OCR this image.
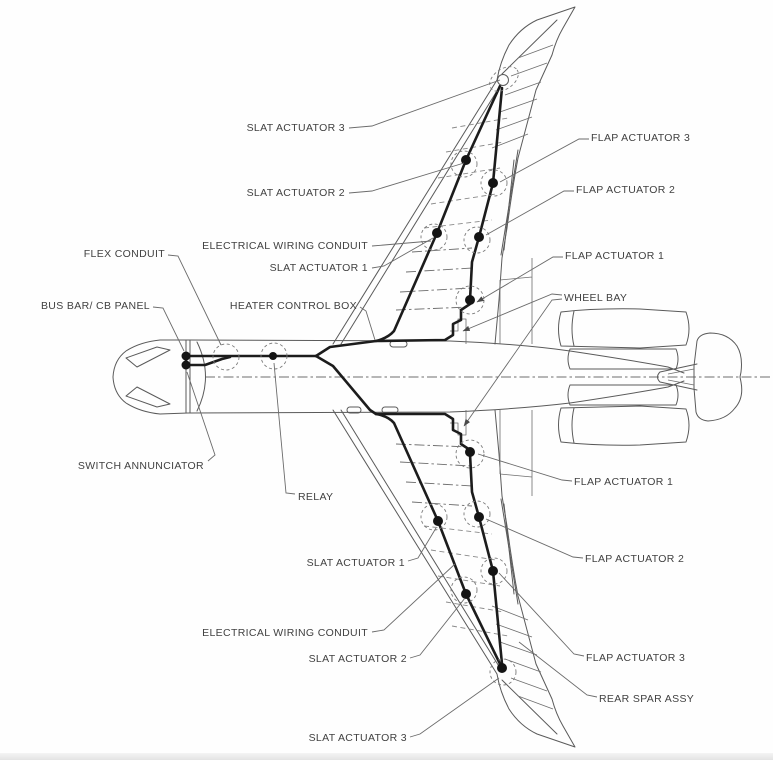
SLAT ACTUATOR 3
SLAT ACTUATOR 2
ELECTRICAL WIRING CONDUIT
FLEX CONDUIT
SLAT ACTUATOR 1
BUS BAR/ CB PANEL	HEATER CONTROL BOX
SWITCH ANNUNCIATOR
RELAY
SLAT ACTUATOR 1
ELECTRICAL WIRING CONDUIT
SLAT ACTUATOR 2
SLAT ACTUATOR 3
FLAP ACTUATOR 3
FLAP ACTUATOR 2
FLAP ACTUATOR 1
WHEEL BAY
FLAP ACTUATOR 1
FLAP ACTUATOR 2
FLAP ACTUATOR 3
REAR SPAR ASSY
